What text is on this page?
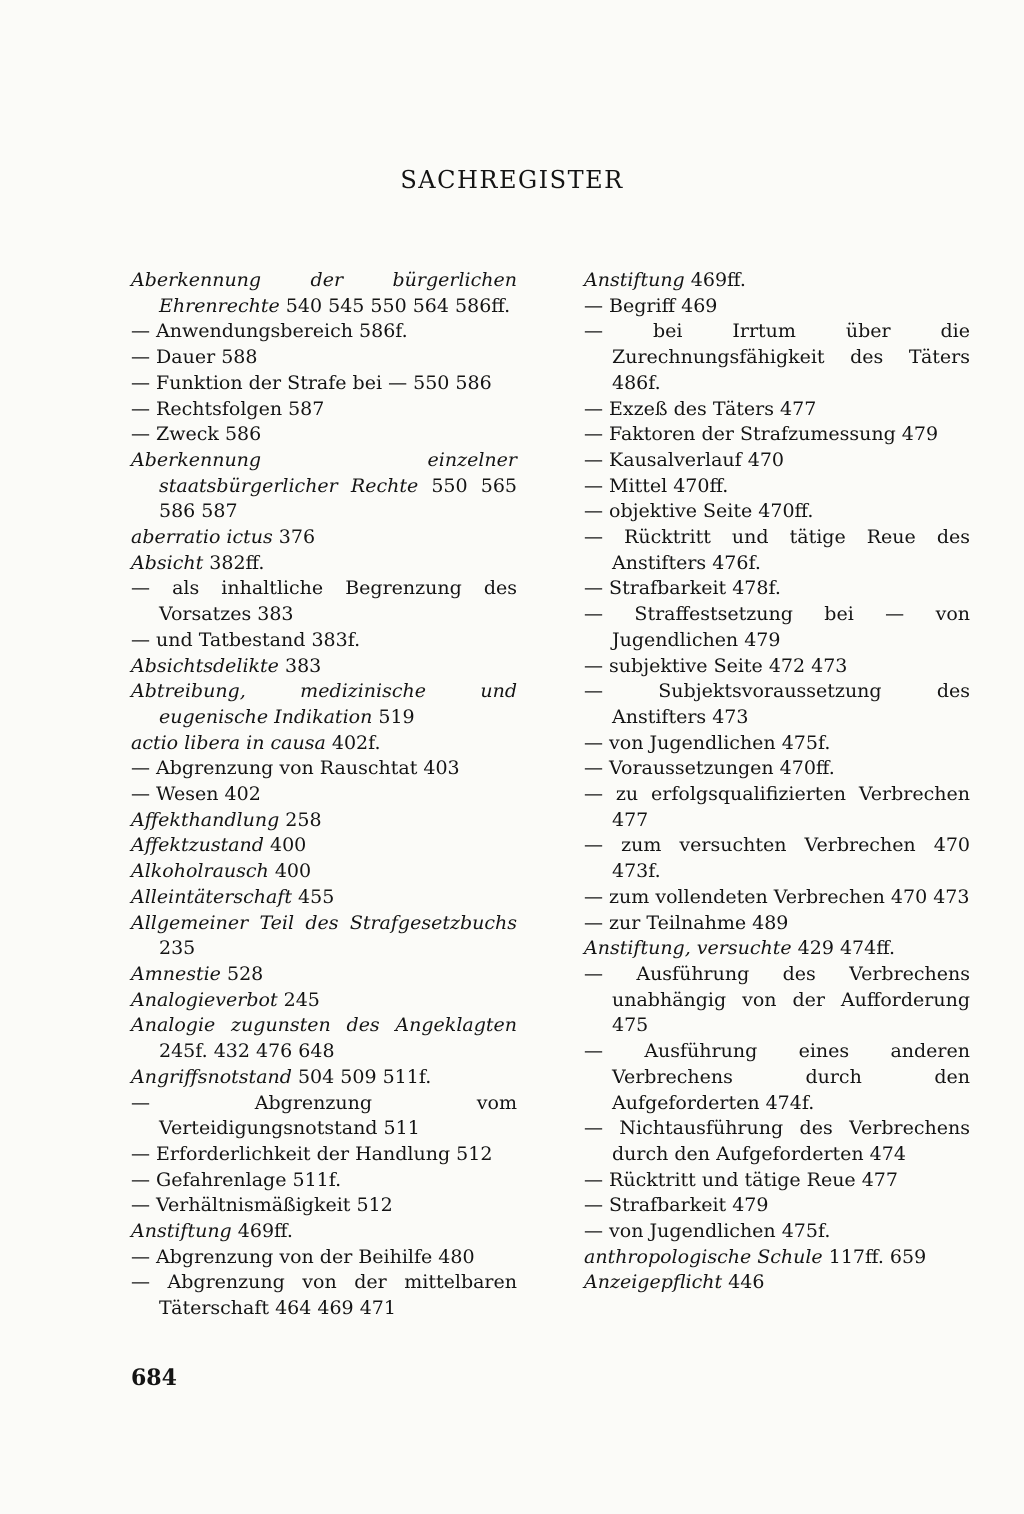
SACHREGISTER
Aberkennung der bürgerlichen Ehrenrechte 540 545 550 564 586ff.
— Anwendungsbereich 586f.
— Dauer 588
— Funktion der Strafe bei — 550 586
— Rechtsfolgen 587
— Zweck 586
Aberkennung einzelner staatsbürgerlicher Rechte 550 565 586 587
aberratio ictus 376
Absicht 382ff.
— als inhaltliche Begrenzung des Vorsatzes 383
— und Tatbestand 383f.
Absichtsdelikte 383
Abtreibung, medizinische und eugenische Indikation 519
actio libera in causa 402f.
— Abgrenzung von Rauschtat 403
— Wesen 402
Affekthandlung 258
Affektzustand 400
Alkoholrausch 400
Alleintäterschaft 455
Allgemeiner Teil des Strafgesetzbuchs 235
Amnestie 528
Analogieverbot 245
Analogie zugunsten des Angeklagten 245f. 432 476 648
Angriffsnotstand 504 509 511f.
— Abgrenzung vom Verteidigungsnotstand 511
— Erforderlichkeit der Handlung 512
— Gefahrenlage 511f.
— Verhältnismäßigkeit 512
Anstiftung 469ff.
— Abgrenzung von der Beihilfe 480
— Abgrenzung von der mittelbaren Täterschaft 464 469 471
Anstiftung 469ff.
— Begriff 469
— bei Irrtum über die Zurechnungsfähigkeit des Täters 486f.
— Exzeß des Täters 477
— Faktoren der Strafzumessung 479
— Kausalverlauf 470
— Mittel 470ff.
— objektive Seite 470ff.
— Rücktritt und tätige Reue des Anstifters 476f.
— Strafbarkeit 478f.
— Straffestsetzung bei — von Jugendlichen 479
— subjektive Seite 472 473
— Subjektsvoraussetzung des Anstifters 473
— von Jugendlichen 475f.
— Voraussetzungen 470ff.
— zu erfolgsqualifizierten Verbrechen 477
— zum versuchten Verbrechen 470 473f.
— zum vollendeten Verbrechen 470 473
— zur Teilnahme 489
Anstiftung, versuchte 429 474ff.
— Ausführung des Verbrechens unabhängig von der Aufforderung 475
— Ausführung eines anderen Verbrechens durch den Aufgeforderten 474f.
— Nichtausführung des Verbrechens durch den Aufgeforderten 474
— Rücktritt und tätige Reue 477
— Strafbarkeit 479
— von Jugendlichen 475f.
anthropologische Schule 117ff. 659
Anzeigepflicht 446
684
